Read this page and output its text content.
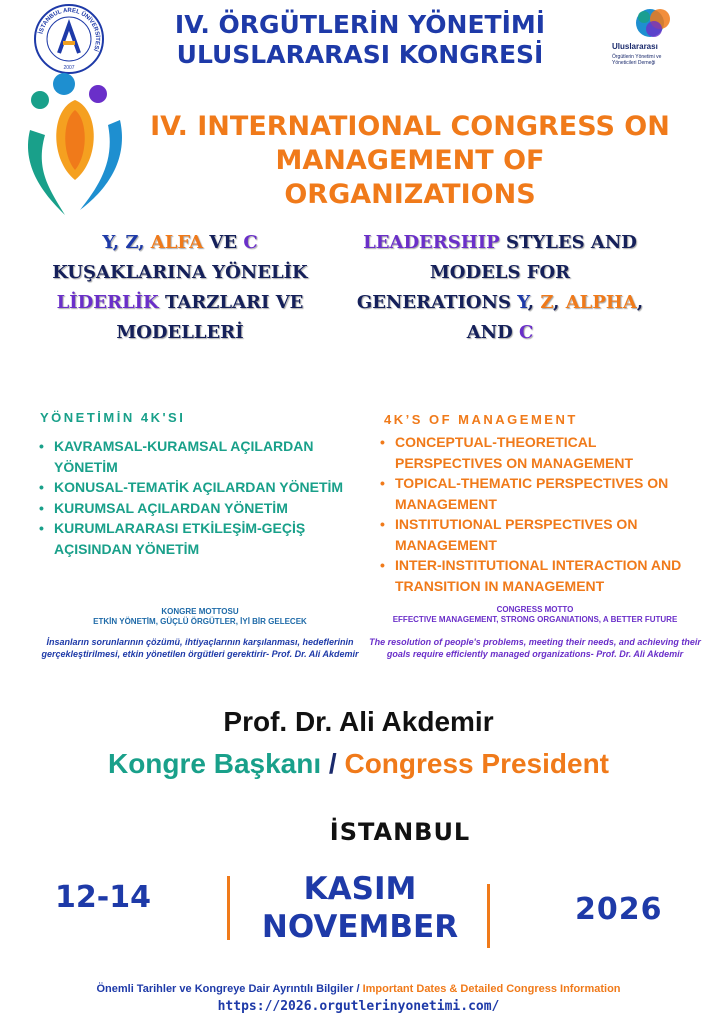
İSTANBUL AREL ÜNİVERSİTESİ
2007
Uluslararası
Örgütlerin Yönetimi ve
Yöneticileri Derneği
IV. ÖRGÜTLERİN YÖNETİMİ
ULUSLARARASI KONGRESİ
IV. INTERNATIONAL CONGRESS ON
MANAGEMENT OF ORGANIZATIONS
Y, Z, ALFA VE C
KUŞAKLARINA YÖNELİK
LİDERLİK TARZLARI VE
MODELLERİ
LEADERSHIP STYLES AND
MODELS FOR
GENERATIONS Y, Z, ALPHA,
AND C
YÖNETİMİN 4K'SI
• KAVRAMSAL-KURAMSAL AÇILARDAN YÖNETİM
• KONUSAL-TEMATİK AÇILARDAN YÖNETİM
• KURUMSAL AÇILARDAN YÖNETİM
• KURUMLARARASI ETKİLEŞİM-GEÇİŞ AÇISINDAN YÖNETİM
4K’S OF MANAGEMENT
• CONCEPTUAL-THEORETICAL PERSPECTIVES ON MANAGEMENT
• TOPICAL-THEMATIC PERSPECTIVES ON MANAGEMENT
• INSTITUTIONAL PERSPECTIVES ON MANAGEMENT
• INTER-INSTITUTIONAL INTERACTION AND TRANSITION IN MANAGEMENT
KONGRE MOTTOSU
ETKİN YÖNETİM, GÜÇLÜ ÖRGÜTLER, İYİ BİR GELECEK
İnsanların sorunlarının çözümü, ihtiyaçlarının karşılanması, hedeflerinin gerçekleştirilmesi, etkin yönetilen örgütleri gerektirir- Prof. Dr. Ali Akdemir
CONGRESS MOTTO
EFFECTIVE MANAGEMENT, STRONG ORGANIATIONS, A BETTER FUTURE
The resolution of people's problems, meeting their needs, and achieving their goals require efficiently managed organizations- Prof. Dr. Ali Akdemir
Prof. Dr. Ali Akdemir
Kongre Başkanı / Congress President
İSTANBUL
12-14	KASIM
NOVEMBER	2026
Önemli Tarihler ve Kongreye Dair Ayrıntılı Bilgiler / Important Dates & Detailed Congress Information
https://2026.orgutlerinyonetimi.com/
